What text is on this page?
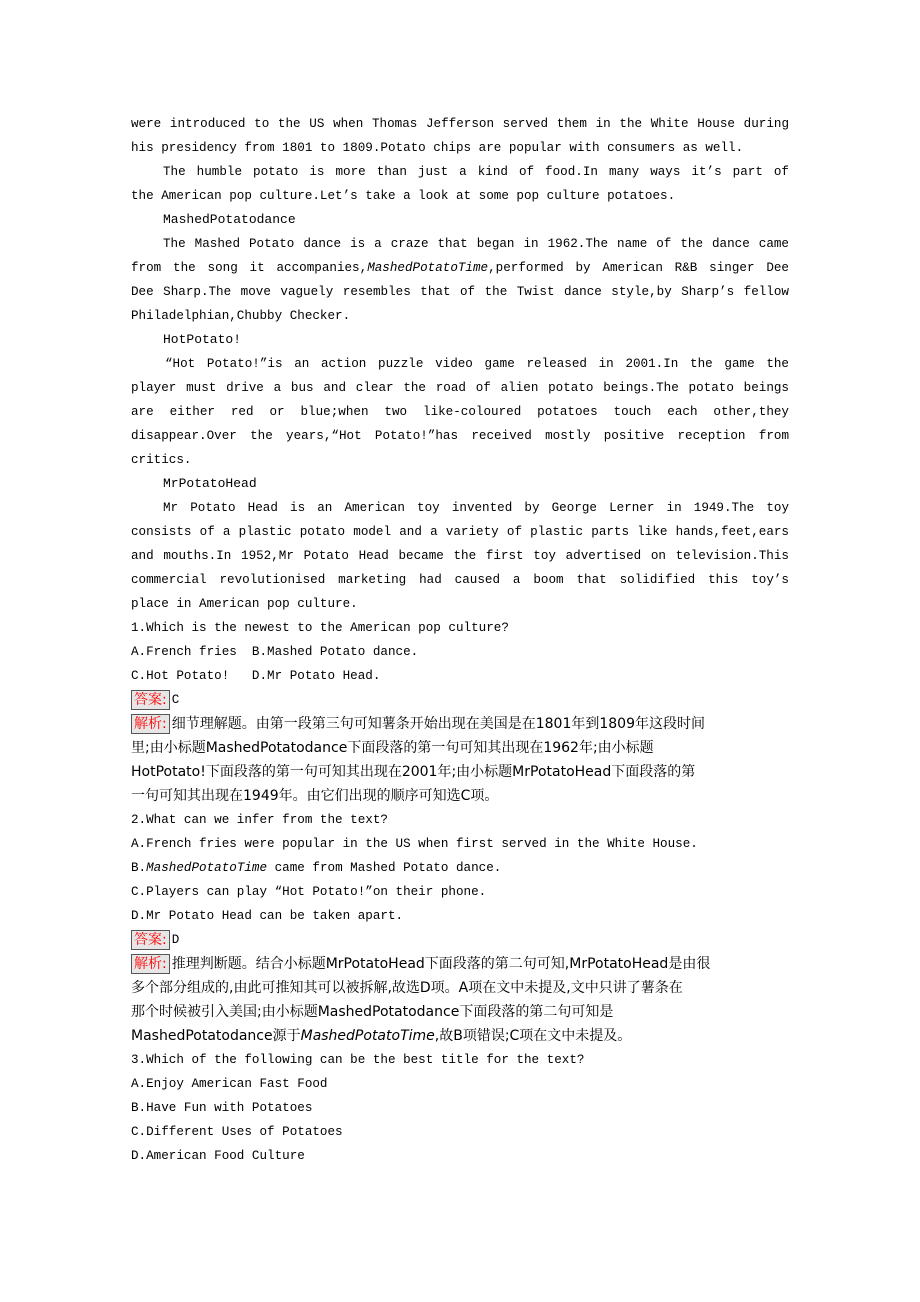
were introduced to the US when Thomas Jefferson served them in the White House during
his presidency from 1801 to 1809.Potato chips are popular with consumers as well.
The humble potato is more than just a kind of food.In many ways it’s part of
the American pop culture.Let’s take a look at some pop culture potatoes.
MashedPotatodance
The Mashed Potato dance is a craze that began in 1962.The name of the dance came
from the song it accompanies,MashedPotatoTime,performed by American R&B singer Dee
Dee Sharp.The move vaguely resembles that of the Twist dance style,by Sharp’s fellow
Philadelphian,Chubby Checker.
HotPotato!
“Hot Potato!”is an action puzzle video game released in 2001.In the game the
player must drive a bus and clear the road of alien potato beings.The potato beings
are either red or blue;when two like-coloured potatoes touch each other,they
disappear.Over the years,“Hot Potato!”has received mostly positive reception from
critics.
MrPotatoHead
Mr Potato Head is an American toy invented by George Lerner in 1949.The toy
consists of a plastic potato model and a variety of plastic parts like hands,feet,ears
and mouths.In 1952,Mr Potato Head became the first toy advertised on television.This
commercial revolutionised marketing had caused a boom that solidified this toy’s
place in American pop culture.
1.Which is the newest to the American pop culture?
A.French fries  B.Mashed Potato dance.
C.Hot Potato!   D.Mr Potato Head.
答案: C
解析: 细节理解题。由第一段第三句可知薯条开始出现在美国是在1801年到1809年这段时间
里;由小标题MashedPotatodance下面段落的第一句可知其出现在1962年;由小标题
HotPotato!下面段落的第一句可知其出现在2001年;由小标题MrPotatoHead下面段落的第
一句可知其出现在1949年。由它们出现的顺序可知选C项。
2.What can we infer from the text?
A.French fries were popular in the US when first served in the White House.
B.MashedPotatoTime came from Mashed Potato dance.
C.Players can play “Hot Potato!”on their phone.
D.Mr Potato Head can be taken apart.
答案: D
解析: 推理判断题。结合小标题MrPotatoHead下面段落的第二句可知,MrPotatoHead是由很
多个部分组成的,由此可推知其可以被拆解,故选D项。A项在文中未提及,文中只讲了薯条在
那个时候被引入美国;由小标题MashedPotatodance下面段落的第二句可知是
MashedPotatodance源于MashedPotatoTime,故B项错误;C项在文中未提及。
3.Which of the following can be the best title for the text?
A.Enjoy American Fast Food
B.Have Fun with Potatoes
C.Different Uses of Potatoes
D.American Food Culture
